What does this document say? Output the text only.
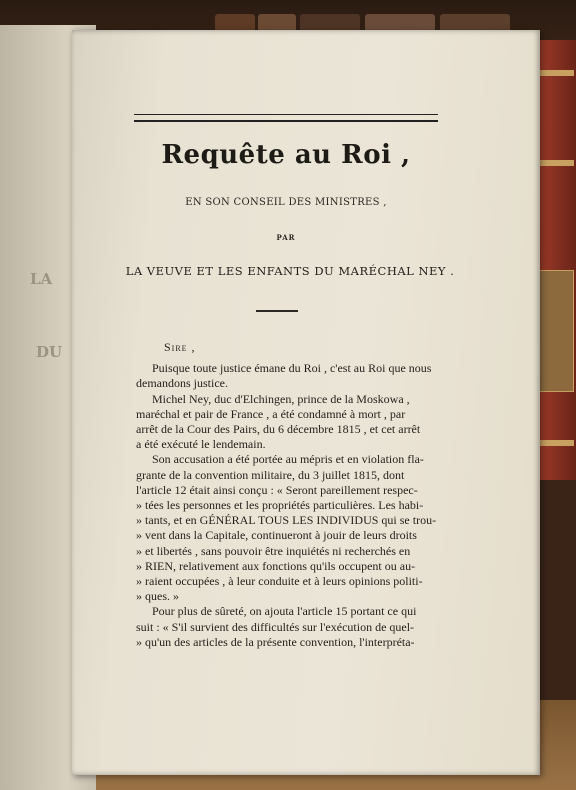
LA
DU
Requête au Roi ,
EN SON CONSEIL DES MINISTRES ,
PAR
LA VEUVE ET LES ENFANTS DU MARÉCHAL NEY .
Sire ,
Puisque toute justice émane du Roi , c'est au Roi que nous
demandons justice.
Michel Ney, duc d'Elchingen, prince de la Moskowa ,
maréchal et pair de France , a été condamné à mort , par
arrêt de la Cour des Pairs, du 6 décembre 1815 , et cet arrêt
a été exécuté le lendemain.
Son accusation a été portée au mépris et en violation fla-
grante de la convention militaire, du 3 juillet 1815, dont
l'article 12 était ainsi conçu : « Seront pareillement respec-
» tées les personnes et les propriétés particulières. Les habi-
» tants, et en GÉNÉRAL TOUS LES INDIVIDUS qui se trou-
» vent dans la Capitale, continueront à jouir de leurs droits
» et libertés , sans pouvoir être inquiétés ni recherchés en
» RIEN, relativement aux fonctions qu'ils occupent ou au-
» raient occupées , à leur conduite et à leurs opinions politi-
» ques. »
Pour plus de sûreté, on ajouta l'article 15 portant ce qui
suit : « S'il survient des difficultés sur l'exécution de quel-
» qu'un des articles de la présente convention, l'interpréta-
